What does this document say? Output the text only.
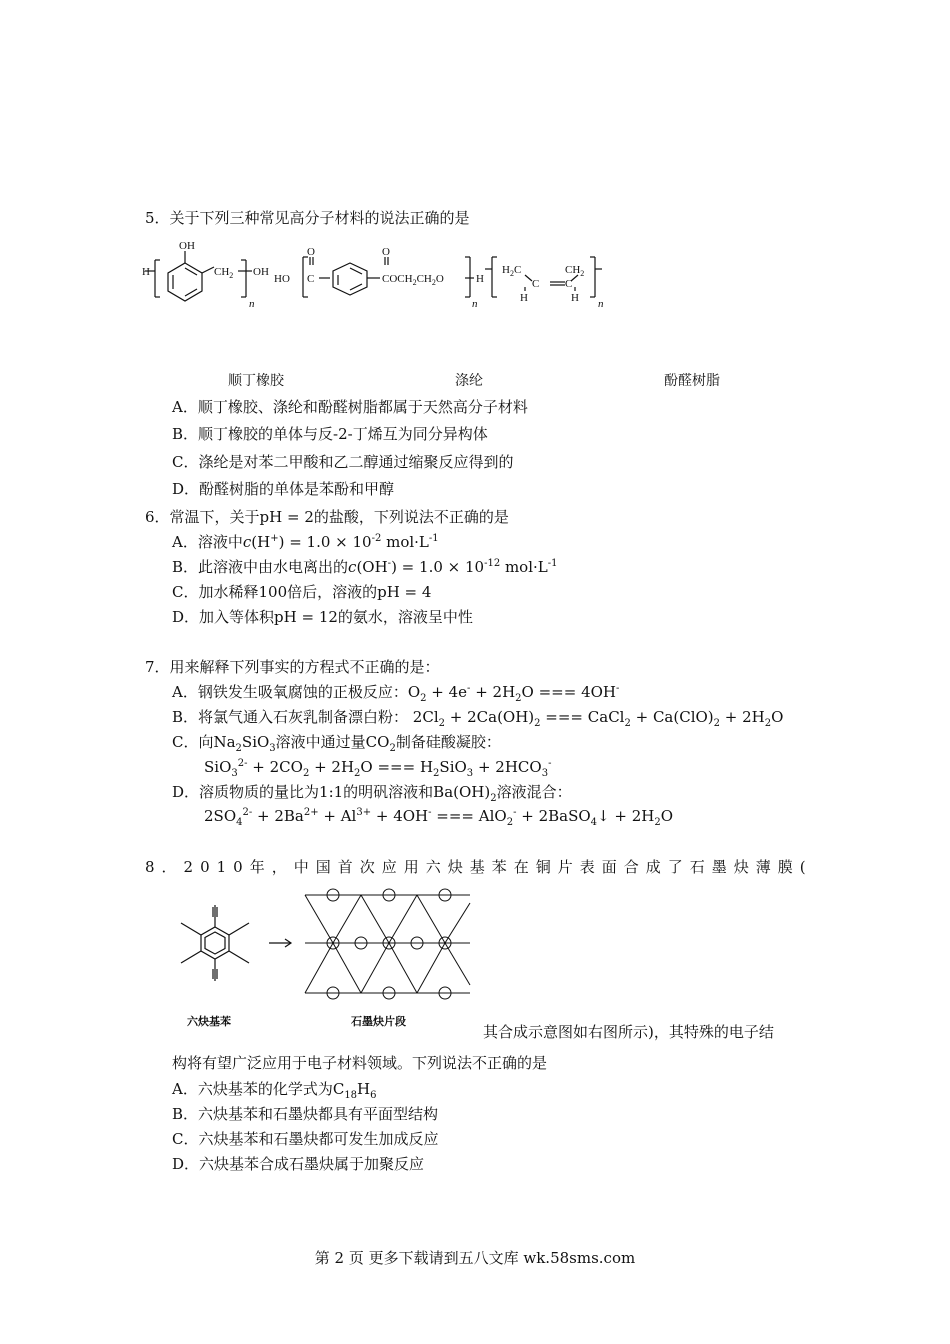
5．关于下列三种常见高分子材料的说法正确的是
OH
H	$CH_2$ OH
n
HO C
O	O
$COCH_2CH_2O$	H
n
$H_2C$	$CH_2$
C C
H	H n
顺丁橡胶	涤纶	酚醛树脂
A．顺丁橡胶、涤纶和酚醛树脂都属于天然高分子材料
B．顺丁橡胶的单体与反-2-丁烯互为同分异构体
C．涤纶是对苯二甲酸和乙二醇通过缩聚反应得到的
D．酚醛树脂的单体是苯酚和甲醇
6．常温下，关于pH = 2的盐酸，下列说法不正确的是
A．溶液中$c(H^+) = 1.0 \times 10^{-2}$ $mol\cdot L^{-1}$
B．此溶液中由水电离出的$c(OH^-) = 1.0 \times 10^{-12}$ $mol\cdot L^{-1}$
C．加水稀释100倍后，溶液的pH = 4
D．加入等体积pH = 12的氨水，溶液呈中性
7．用来解释下列事实的方程式不正确的是：
A．钢铁发生吸氧腐蚀的正极反应：$O_2 + 4e^- + 2H_2O$ === 4OH-
B．将氯气通入石灰乳制备漂白粉： $2Cl_2 + 2Ca(OH)_2$ === CaCl$_2$ + $Ca(ClO)_2 + 2H_2O$
C．向$Na_2SiO_3$溶液中通过量$CO_2$制备硅酸凝胶：
$SiO_3^{2-} + 2CO_2 + 2H_2O$ === $H_2SiO_3 + 2HCO_3^-$
D．溶质物质的量比为1:1的明矾溶液和$Ba(OH)_2$溶液混合：
$2SO_4^{2-} + 2Ba^{2+} + Al^{3+} + 4OH^-$ === AlO$_2$- + 2BaSO$_4$↓ + $2H_2O$
8．2010年，中国首次应用六炔基苯在铜片表面合成了石墨炔薄膜(
六炔基苯	石墨炔片段
其合成示意图如右图所示)，其特殊的电子结
构将有望广泛应用于电子材料领域。下列说法不正确的是
A．六炔基苯的化学式为$C_{18}H_6$
B．六炔基苯和石墨炔都具有平面型结构
C．六炔基苯和石墨炔都可发生加成反应
D．六炔基苯合成石墨炔属于加聚反应
第 2 页 更多下载请到五八文库 wk.58sms.com
